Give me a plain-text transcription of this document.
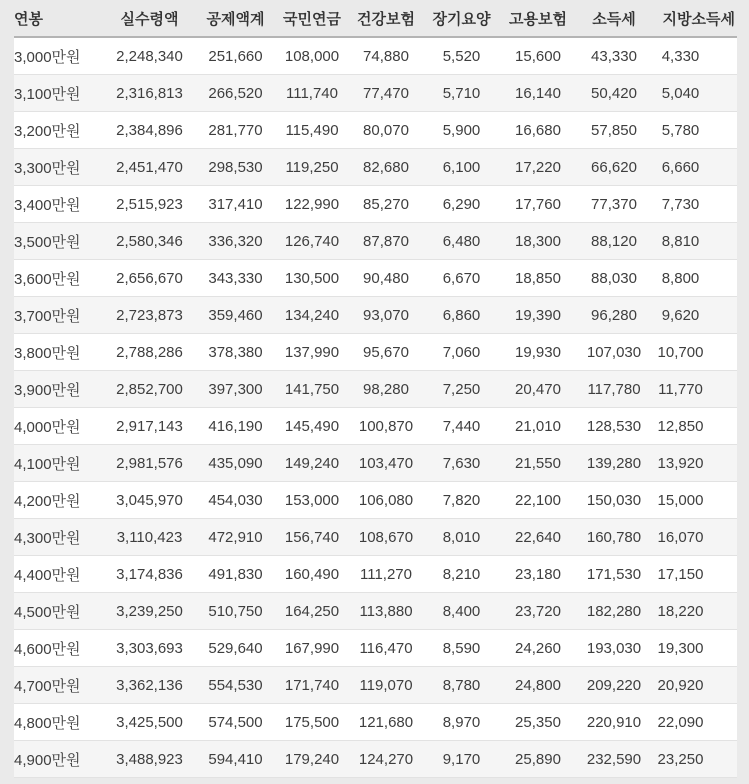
연봉	실수령액	공제액계	국민연금	건강보험	장기요양	고용보험	소득세	지방소득세
3,000만원	2,248,340	251,660	108,000	74,880	5,520	15,600	43,330	4,330
3,100만원	2,316,813	266,520	111,740	77,470	5,710	16,140	50,420	5,040
3,200만원	2,384,896	281,770	115,490	80,070	5,900	16,680	57,850	5,780
3,300만원	2,451,470	298,530	119,250	82,680	6,100	17,220	66,620	6,660
3,400만원	2,515,923	317,410	122,990	85,270	6,290	17,760	77,370	7,730
3,500만원	2,580,346	336,320	126,740	87,870	6,480	18,300	88,120	8,810
3,600만원	2,656,670	343,330	130,500	90,480	6,670	18,850	88,030	8,800
3,700만원	2,723,873	359,460	134,240	93,070	6,860	19,390	96,280	9,620
3,800만원	2,788,286	378,380	137,990	95,670	7,060	19,930	107,030	10,700
3,900만원	2,852,700	397,300	141,750	98,280	7,250	20,470	117,780	11,770
4,000만원	2,917,143	416,190	145,490	100,870	7,440	21,010	128,530	12,850
4,100만원	2,981,576	435,090	149,240	103,470	7,630	21,550	139,280	13,920
4,200만원	3,045,970	454,030	153,000	106,080	7,820	22,100	150,030	15,000
4,300만원	3,110,423	472,910	156,740	108,670	8,010	22,640	160,780	16,070
4,400만원	3,174,836	491,830	160,490	111,270	8,210	23,180	171,530	17,150
4,500만원	3,239,250	510,750	164,250	113,880	8,400	23,720	182,280	18,220
4,600만원	3,303,693	529,640	167,990	116,470	8,590	24,260	193,030	19,300
4,700만원	3,362,136	554,530	171,740	119,070	8,780	24,800	209,220	20,920
4,800만원	3,425,500	574,500	175,500	121,680	8,970	25,350	220,910	22,090
4,900만원	3,488,923	594,410	179,240	124,270	9,170	25,890	232,590	23,250
